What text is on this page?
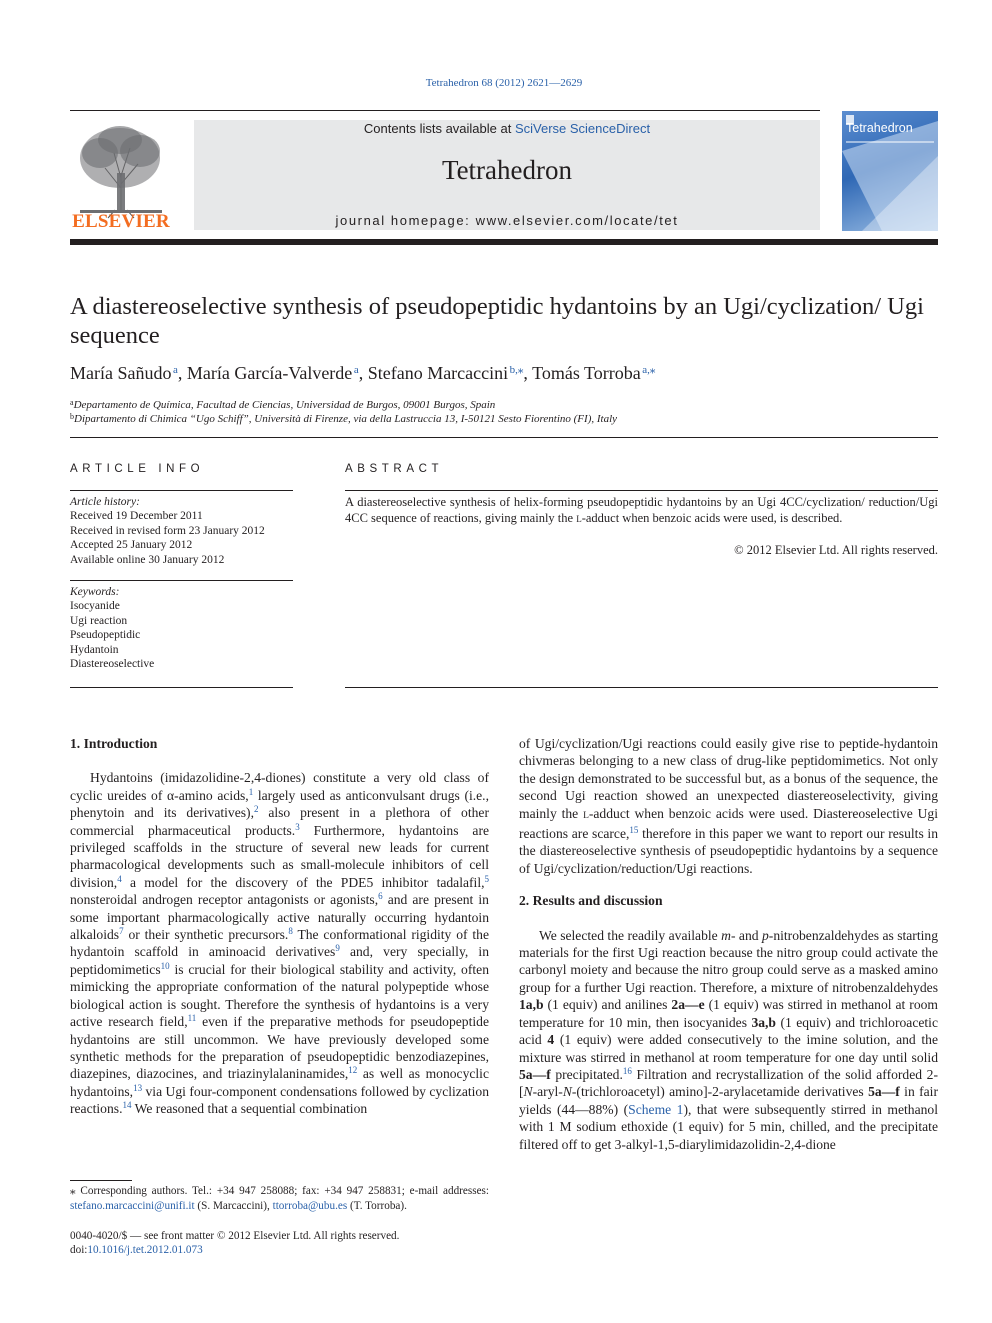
Tetrahedron 68 (2012) 2621—2629
ELSEVIER
Contents lists available at SciVerse ScienceDirect
Tetrahedron
journal homepage: www.elsevier.com/locate/tet
Tetrahedron
A diastereoselective synthesis of pseudopeptidic hydantoins by an Ugi/cyclization/ Ugi sequence
María Sañudo  $^a$, María García-Valverde  $^a$, Stefano Marcaccini  $^{b,⁎}$, Tomás Torroba  $^{a,⁎}$
$^a$Departamento de Química, Facultad de Ciencias, Universidad de Burgos, 09001 Burgos, Spain
$^b$Dipartamento di Chimica “Ugo Schiff”, Università di Firenze, via della Lastruccia 13, I-50121 Sesto Fiorentino (FI), Italy
ARTICLE INFO
Article history:
Received 19 December 2011
Received in revised form 23 January 2012
Accepted 25 January 2012
Available online 30 January 2012
Keywords:
Isocyanide
Ugi reaction
Pseudopeptidic
Hydantoin
Diastereoselective
ABSTRACT
A diastereoselective synthesis of helix-forming pseudopeptidic hydantoins by an Ugi 4CC/cyclization/ reduction/Ugi 4CC sequence of reactions, giving mainly the L-adduct when benzoic acids were used, is described.
© 2012 Elsevier Ltd. All rights reserved.
1. Introduction

Hydantoins (imidazolidine-2,4-diones) constitute a very old class of cyclic ureides of α-amino acids,$^1$ largely used as anticonvulsant drugs (i.e., phenytoin and its derivatives),$^2$ also present in a plethora of other commercial pharmaceutical products.$^3$ Furthermore, hydantoins are privileged scaffolds in the structure of several new leads for current pharmacological developments such as small-molecule inhibitors of cell division,$^4$ a model for the discovery of the PDE5 inhibitor tadalafil,$^5$ nonsteroidal androgen receptor antagonists or agonists,$^6$ and are present in some important pharmacologically active naturally occurring hydantoin alkaloids$^7$ or their synthetic precursors.$^8$ The conformational rigidity of the hydantoin scaffold in aminoacid derivatives$^9$ and, very specially, in peptidomimetics$^{10}$ is crucial for their biological stability and activity, often mimicking the appropriate conformation of the natural polypeptide whose biological action is sought. Therefore the synthesis of hydantoins is a very active research field,$^{11}$ even if the preparative methods for pseudopeptide hydantoins are still uncommon. We have previously developed some synthetic methods for the preparation of pseudopeptidic benzodiazepines, diazepines, diazocines, and triazinylalaninamides,$^{12}$ as well as monocyclic hydantoins,$^{13}$ via Ugi four-component condensations followed by cyclization reactions.$^{14}$ We reasoned that a sequential combination

of Ugi/cyclization/Ugi reactions could easily give rise to peptide-hydantoin chivmeras belonging to a new class of drug-like peptidomimetics. Not only the design demonstrated to be successful but, as a bonus of the sequence, the second Ugi reaction showed an unexpected diastereoselectivity, giving mainly the L-adduct when benzoic acids were used. Diastereoselective Ugi reactions are scarce,$^{15}$ therefore in this paper we want to report our results in the diastereoselective synthesis of pseudopeptidic hydantoins by a sequence of Ugi/cyclization/reduction/Ugi reactions.
2. Results and discussion

We selected the readily available m- and p-nitrobenzaldehydes as starting materials for the first Ugi reaction because the nitro group could activate the carbonyl moiety and because the nitro group could serve as a masked amino group for a further Ugi reaction. Therefore, a mixture of nitrobenzaldehydes 1a,b (1 equiv) and anilines 2a—e (1 equiv) was stirred in methanol at room temperature for 10 min, then isocyanides 3a,b (1 equiv) and trichloroacetic acid 4 (1 equiv) were added consecutively to the imine solution, and the mixture was stirred in methanol at room temperature for one day until solid 5a—f precipitated.$^{16}$ Filtration and recrystallization of the solid afforded 2-[N-aryl-N-(trichloroacetyl) amino]-2-arylacetamide derivatives 5a—f in fair yields (44—88%) (Scheme 1), that were subsequently stirred in methanol with 1 M sodium ethoxide (1 equiv) for 5 min, chilled, and the precipitate filtered off to get 3-alkyl-1,5-diarylimidazolidin-2,4-dione

⁎ Corresponding authors. Tel.: +34 947 258088; fax: +34 947 258831; e-mail addresses: stefano.marcaccini@unifi.it (S. Marcaccini), ttorroba@ubu.es (T. Torroba).
0040-4020/$ — see front matter © 2012 Elsevier Ltd. All rights reserved.
doi:10.1016/j.tet.2012.01.073
